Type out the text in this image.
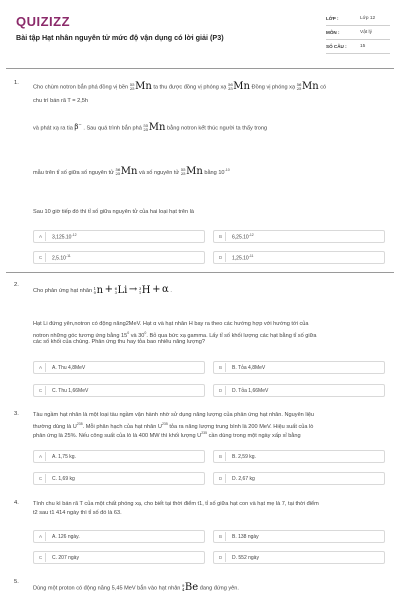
QUIZIZZ
Bài tập Hạt nhân nguyên tử mức độ vận dụng có lời giải (P3)
LỚP :	Lớp 12
MÔN :	Vật lý
SỐ CÂU :	15
1.
Cho chùm notron bắn phá đồng vị bền 55
25 Mn ta thu được đồng vị phóng xạ 56
25 Mn Đồng vị phóng xạ 56
25 Mn có
chu trì bán rã T = 2,5h
và phát xạ ra tia β− . Sau quá trình bắn phá 55
25 Mn bằng notron kết thúc người ta thấy trong
mẫu trên tỉ số giữa số nguyên tử 56
25 Mn và số nguyên tử 55
25 Mn bằng $10^{-10}$
Sau 10 giờ tiếp đó thì tỉ số giữa nguyên tử của hai loại hạt trên là
A	$3,125.10^{-12}$	B	$6,25.10^{-12}$
C	$2,5.10^{-11}$	D	$1,25.10^{-11}$
2.
Cho phản ứng hạt nhân 1
0 n + 6
3 Li → 3
1 H + α .
Hạt Li đứng yên,notron có động năng2MeV. Hạt α và hạt nhân H bay ra theo các hướng hợp với hướng tới của
notron những góc tương ứng bằng $15^0$ và $30^0$. Bỏ qua bức xạ gamma. Lấy tỉ số khối lượng các hạt bằng tỉ số giữa
các số khối của chúng. Phản ứng thu hay tỏa bao nhiêu năng lượng?
A	A. Thu 4,8MeV	B	B. Tỏa 4,8MeV
C	C. Thu 1,66MeV	D	D. Tỏa 1,66MeV
3.	Tàu ngầm hạt nhân là một loại tàu ngầm vận hành nhờ sử dụng năng lượng của phản ứng hạt nhân. Nguyên liệu
thường dùng là $U^{235}$. Mỗi phân hạch của hạt nhân $U^{235}$ tỏa ra năng lượng trung bình là 200 MeV. Hiệu suất của lò
phản ứng là 25%. Nếu công suất của lò là 400 MW thì khối lượng $U^{235}$ cần dùng trong một ngày xấp xỉ bằng
A	A. 1,75 kg.	B	B. 2,59 kg.
C	C. 1,69 kg	D	D. 2,67 kg
4.	Tính chu kì bán rã T của một chất phóng xạ, cho biết tại thời điểm t1, tỉ số giữa hạt con và hạt mẹ là 7, tại thời điểm
t2 sau t1 414 ngày thì tỉ số đó là 63.
A	A. 126 ngày.	B	B. 138 ngày
C	C. 207 ngày	D	D. 552 ngày
5.
Dùng một proton có động năng 5,45 MeV bắn vào hạt nhân 9
4 Be đang đứng yên.
